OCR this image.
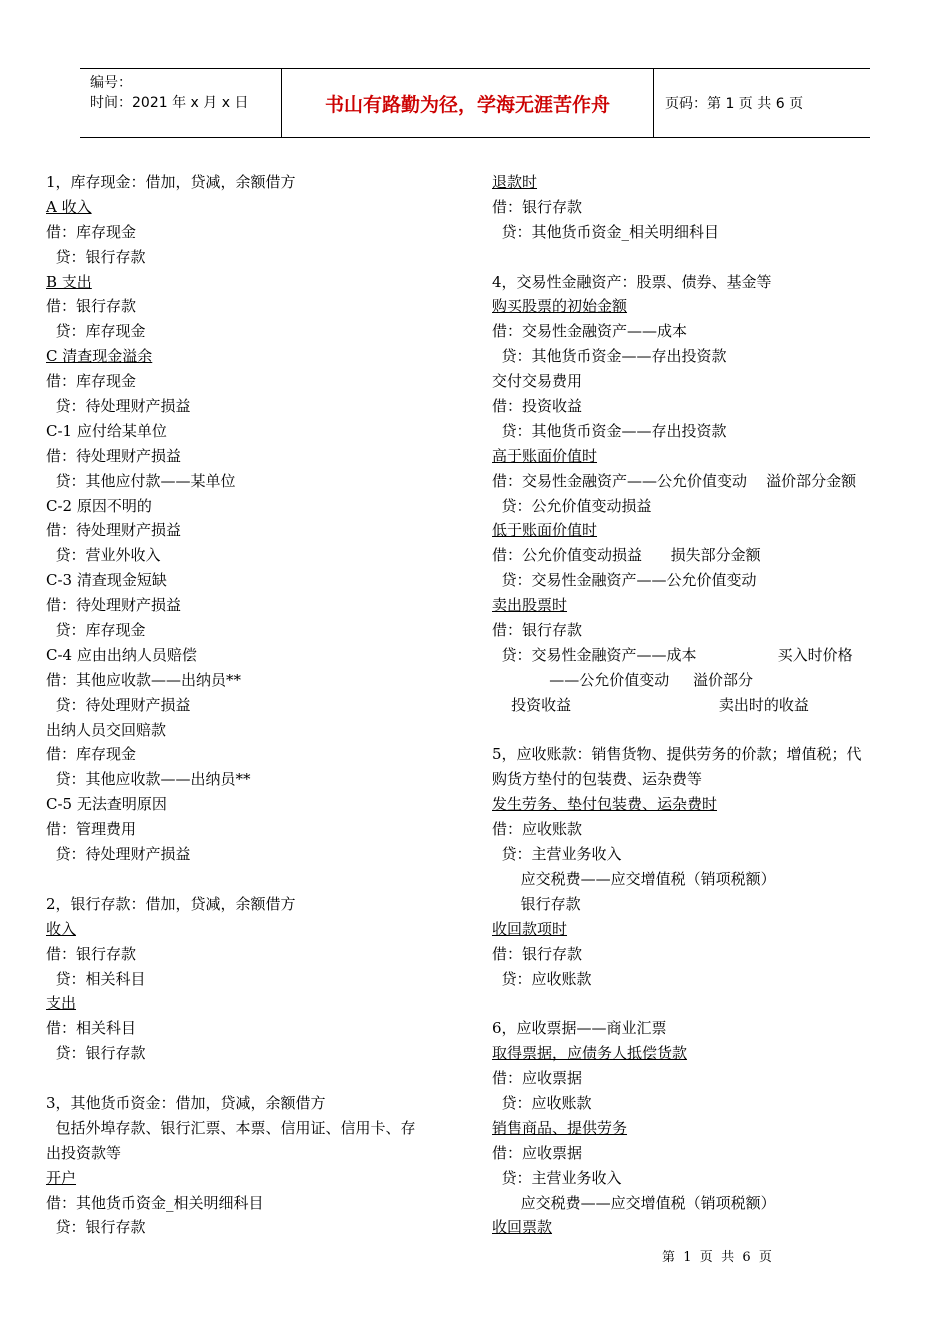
编号：
时间：2021 年 x 月 x 日	书山有路勤为径，学海无涯苦作舟	页码：第 1 页 共 6 页
1，库存现金：借加，贷减，余额借方
A 收入
借：库存现金
贷：银行存款
B 支出
借：银行存款
贷：库存现金
C 清查现金溢余
借：库存现金
贷：待处理财产损益
C-1 应付给某单位
借：待处理财产损益
贷：其他应付款——某单位
C-2 原因不明的
借：待处理财产损益
贷：营业外收入
C-3 清查现金短缺
借：待处理财产损益
贷：库存现金
C-4 应由出纳人员赔偿
借：其他应收款——出纳员**
贷：待处理财产损益
出纳人员交回赔款
借：库存现金
贷：其他应收款——出纳员**
C-5 无法查明原因
借：管理费用
贷：待处理财产损益
2，银行存款：借加，贷减，余额借方
收入
借：银行存款
贷：相关科目
支出
借：相关科目
贷：银行存款
3，其他货币资金：借加，贷减，余额借方
包括外埠存款、银行汇票、本票、信用证、信用卡、存
出投资款等
开户
借：其他货币资金_相关明细科目
贷：银行存款
退款时
借：银行存款
贷：其他货币资金_相关明细科目
4，交易性金融资产：股票、债券、基金等
购买股票的初始金额
借：交易性金融资产——成本
贷：其他货币资金——存出投资款
交付交易费用
借：投资收益
贷：其他货币资金——存出投资款
高于账面价值时
借：交易性金融资产——公允价值变动    溢价部分金额
贷：公允价值变动损益
低于账面价值时
借：公允价值变动损益      损失部分金额
贷：交易性金融资产——公允价值变动
卖出股票时
借：银行存款
贷：交易性金融资产——成本                 买入时价格
——公允价值变动     溢价部分
投资收益                               卖出时的收益
5，应收账款：销售货物、提供劳务的价款；增值税；代
购货方垫付的包装费、运杂费等
发生劳务、垫付包装费、运杂费时
借：应收账款
贷：主营业务收入
应交税费——应交增值税（销项税额）
银行存款
收回款项时
借：银行存款
贷：应收账款
6，应收票据——商业汇票
取得票据，应债务人抵偿货款
借：应收票据
贷：应收账款
销售商品、提供劳务
借：应收票据
贷：主营业务收入
应交税费——应交增值税（销项税额）
收回票款
第  1  页  共  6  页
